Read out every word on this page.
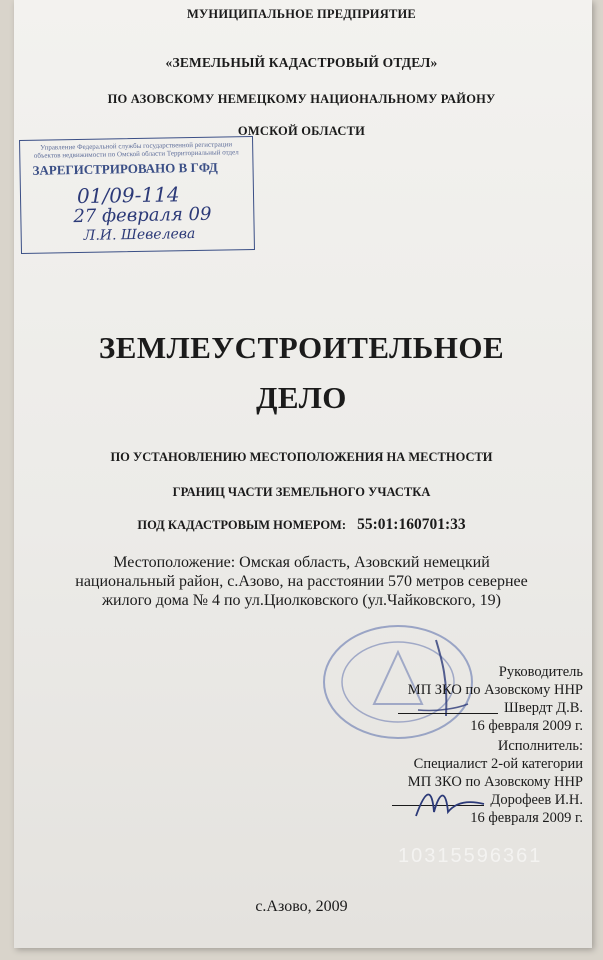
МУНИЦИПАЛЬНОЕ ПРЕДПРИЯТИЕ
«ЗЕМЕЛЬНЫЙ КАДАСТРОВЫЙ ОТДЕЛ»
ПО АЗОВСКОМУ НЕМЕЦКОМУ НАЦИОНАЛЬНОМУ РАЙОНУ
ОМСКОЙ ОБЛАСТИ
Управление Федеральной службы государственной регистрации объектов недвижимости по Омской области Территориальный отдел
ЗАРЕГИСТРИРОВАНО В ГФД
01/09-114
27 февраля 09
Л.И. Шевелева
ЗЕМЛЕУСТРОИТЕЛЬНОЕ
ДЕЛО
ПО УСТАНОВЛЕНИЮ МЕСТОПОЛОЖЕНИЯ НА МЕСТНОСТИ
ГРАНИЦ ЧАСТИ ЗЕМЕЛЬНОГО УЧАСТКА
ПОД КАДАСТРОВЫМ НОМЕРОМ: 55:01:160701:33
Местоположение: Омская область, Азовский немецкий
национальный район, с.Азово, на расстоянии 570 метров севернее
жилого дома № 4 по ул.Циолковского (ул.Чайковского, 19)
Руководитель
МП ЗКО по Азовскому ННР
Швердт Д.В.
16 февраля 2009 г.
Исполнитель:
Специалист 2-ой категории
МП ЗКО по Азовскому ННР
Дорофеев И.Н.
16 февраля 2009 г.
10315596361
с.Азово, 2009
